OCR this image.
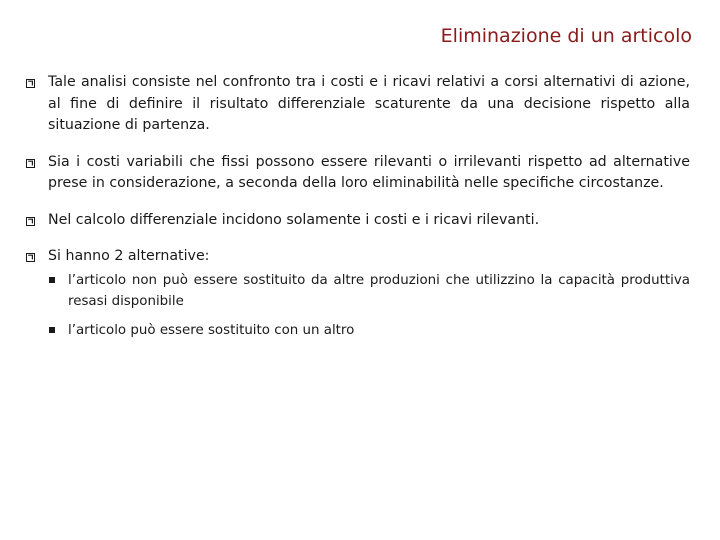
Eliminazione di un articolo
Tale analisi consiste nel confronto tra i costi e i ricavi relativi a corsi alternativi di azione, al fine di definire il risultato differenziale scaturente da una decisione rispetto alla situazione di partenza.
Sia i costi variabili che fissi possono essere rilevanti o irrilevanti rispetto ad alternative prese in considerazione, a seconda della loro eliminabilità nelle specifiche circostanze.
Nel calcolo differenziale incidono solamente i costi e i ricavi rilevanti.
Si hanno 2 alternative:
l’articolo non può essere sostituito da altre produzioni che utilizzino la capacità produttiva resasi disponibile
l’articolo può essere sostituito con un altro
